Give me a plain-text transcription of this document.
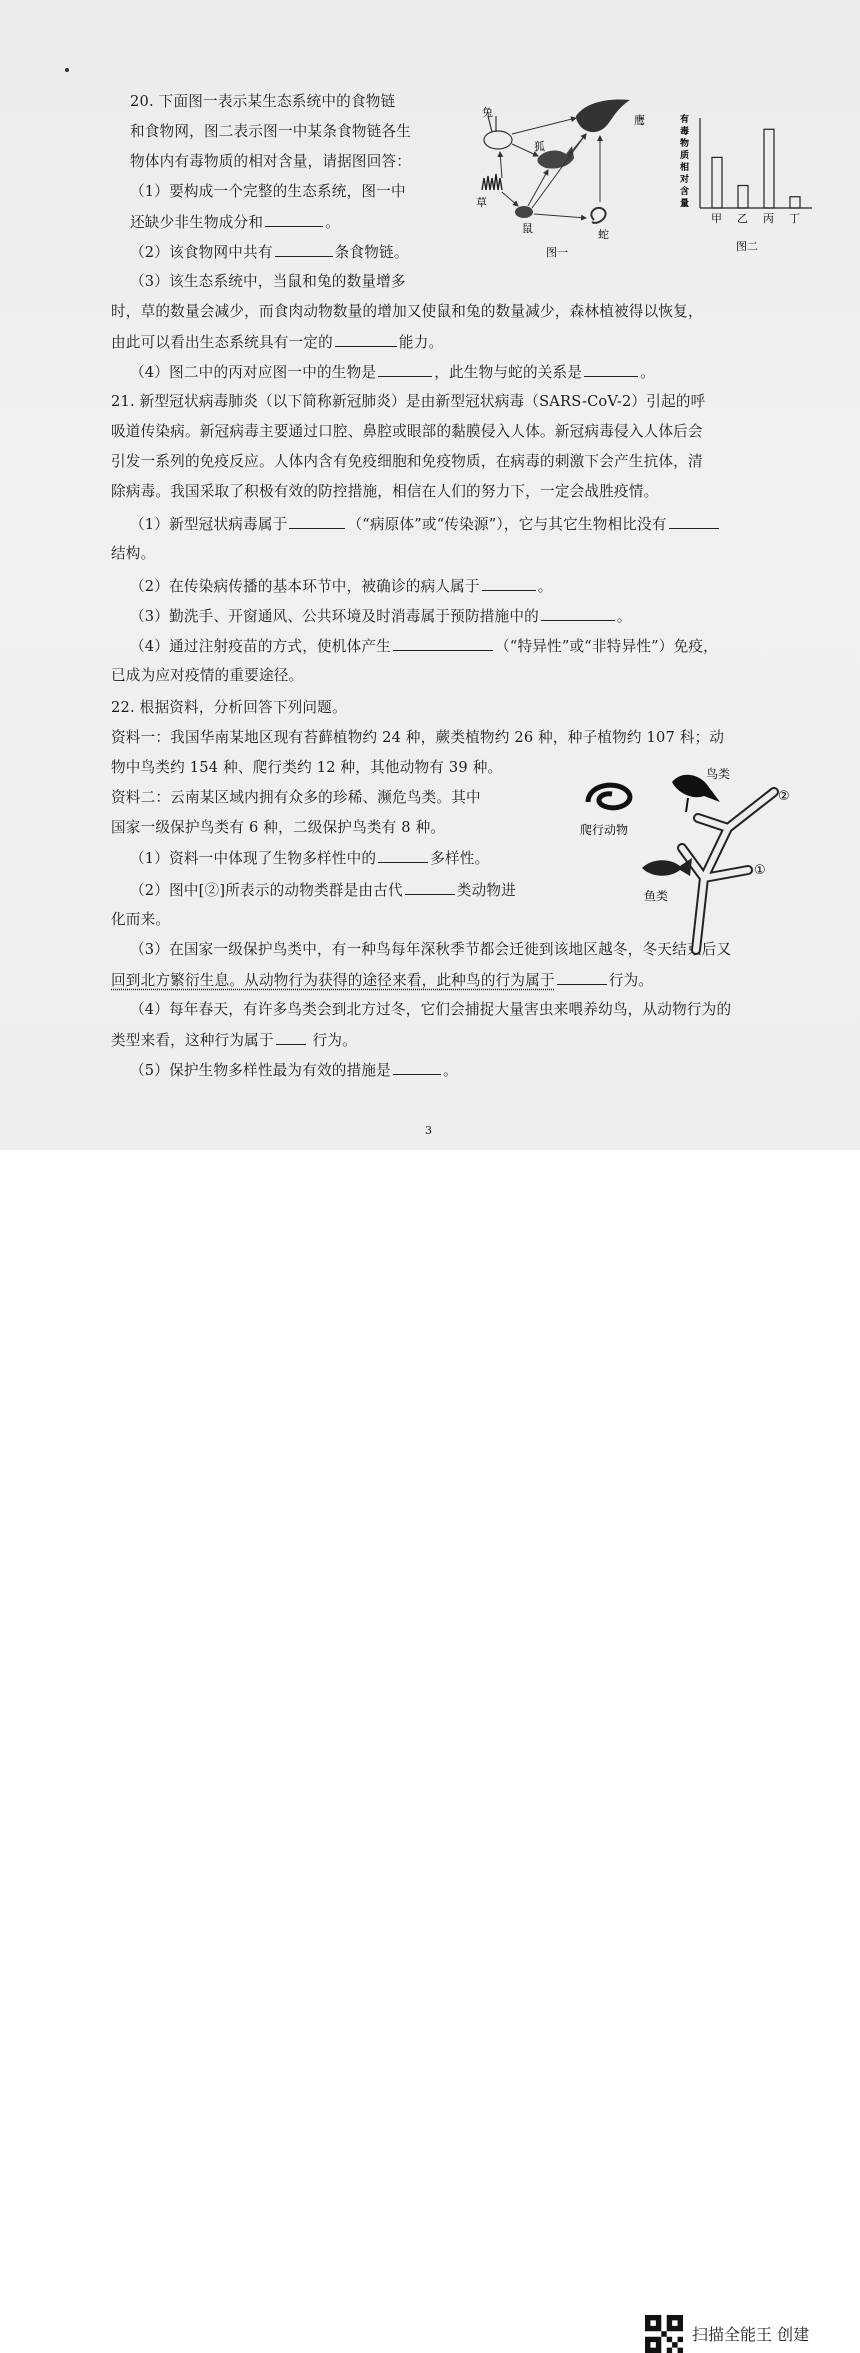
20. 下面图一表示某生态系统中的食物链
和食物网，图二表示图一中某条食物链各生
物体内有毒物质的相对含量，请据图回答：
（1）要构成一个完整的生态系统，图一中
还缺少非生物成分和	。
（2）该食物网中共有	条食物链。
（3）该生态系统中，当鼠和兔的数量增多
时，草的数量会减少，而食肉动物数量的增加又使鼠和兔的数量减少，森林植被得以恢复，
由此可以看出生态系统具有一定的	能力。
（4）图二中的丙对应图一中的生物是	，此生物与蛇的关系是	。
兔
狐
鹰
草
鼠	蛇
图一
有
毒
物
质
相
对
含
量
甲 乙 丙 丁
图二
21. 新型冠状病毒肺炎（以下简称新冠肺炎）是由新型冠状病毒（SARS-CoV-2）引起的呼
吸道传染病。新冠病毒主要通过口腔、鼻腔或眼部的黏膜侵入人体。新冠病毒侵入人体后会
引发一系列的免疫反应。人体内含有免疫细胞和免疫物质，在病毒的刺激下会产生抗体，清
除病毒。我国采取了积极有效的防控措施，相信在人们的努力下，一定会战胜疫情。
（1）新型冠状病毒属于	（“病原体”或“传染源”），它与其它生物相比没有
结构。
（2）在传染病传播的基本环节中，被确诊的病人属于	。
（3）勤洗手、开窗通风、公共环境及时消毒属于预防措施中的	。
（4）通过注射疫苗的方式，使机体产生	（“特异性”或“非特异性”）免疫，
已成为应对疫情的重要途径。
22. 根据资料，分析回答下列问题。
资料一：我国华南某地区现有苔藓植物约 24 种，蕨类植物约 26 种，种子植物约 107 科；动
物中鸟类约 154 种、爬行类约 12 种，其他动物有 39 种。
资料二：云南某区域内拥有众多的珍稀、濒危鸟类。其中
国家一级保护鸟类有 6 种，二级保护鸟类有 8 种。
（1）资料一中体现了生物多样性中的	多样性。
（2）图中[②]所表示的动物类群是由古代	类动物进
化而来。
（3）在国家一级保护鸟类中，有一种鸟每年深秋季节都会迁徙到该地区越冬，冬天结束后又
回到北方繁衍生息。从动物行为获得的途径来看，此种鸟的行为属于	行为。
（4）每年春天，有许多鸟类会到北方过冬，它们会捕捉大量害虫来喂养幼鸟，从动物行为的
类型来看，这种行为属于 行为。
（5）保护生物多样性最为有效的措施是	。
鸟类
②
爬行动物
①
鱼类
3
扫描全能王 创建
